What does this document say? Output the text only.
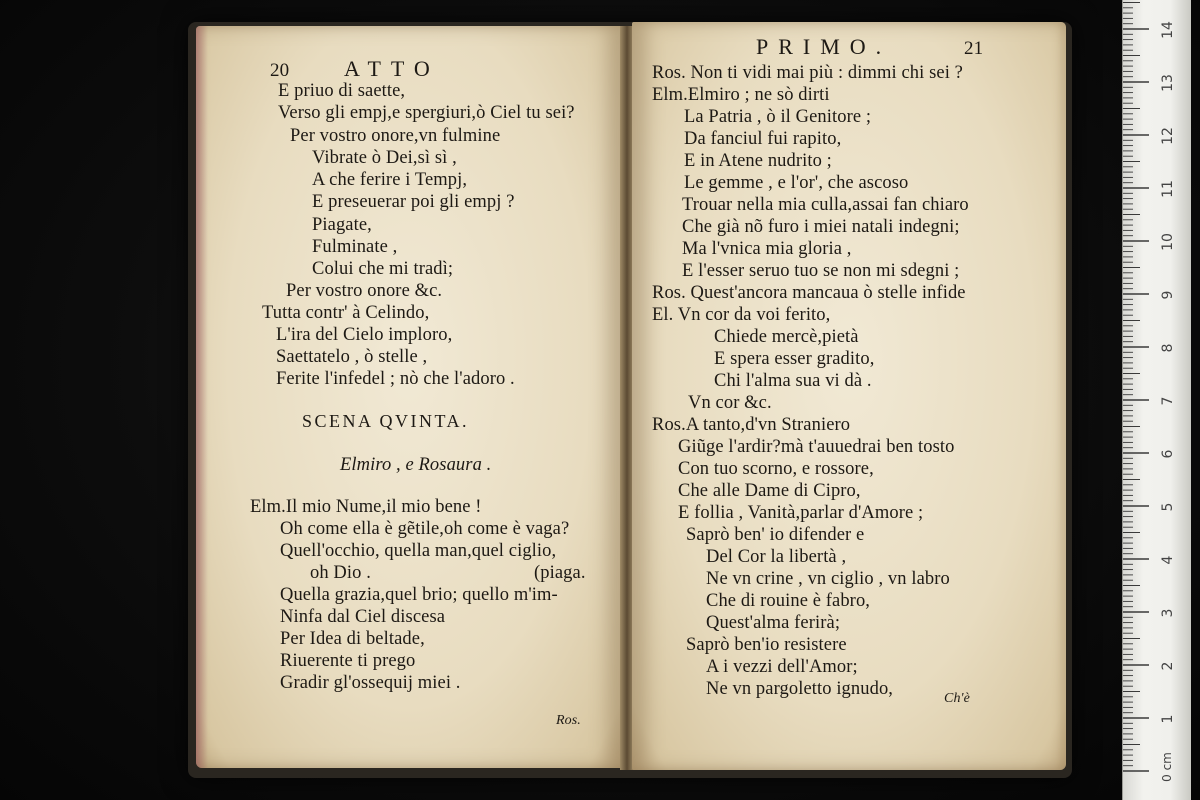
20 ATTO
E priuo di saette,
Verso gli empj,e spergiuri,ò Ciel tu sei?
Per vostro onore,vn fulmine
Vibrate ò Dei,sì sì ,
A che ferire i Tempj,
E preseuerar poi gli empj ?
Piagate,
Fulminate ,
Colui che mi tradì;
Per vostro onore &c.
Tutta contr' à Celindo,
L'ira del Cielo imploro,
Saettatelo , ò stelle ,
Ferite l'infedel ; nò che l'adoro .
SCENA QVINTA.
Elmiro , e Rosaura .
Elm.Il mio Nume,il mio bene !
Oh come ella è gẽtile,oh come è vaga?
Quell'occhio, quella man,quel ciglio,
oh Dio .	(piaga.
Quella grazia,quel brio; quello m'im-
Ninfa dal Ciel discesa
Per Idea di beltade,
Riuerente ti prego
Gradir gl'ossequij miei .
Ros.
PRIMO.	21
Ros. Non ti vidi mai più : dimmi chi sei ?
Elm.Elmiro ; ne sò dirti
La Patria , ò il Genitore ;
Da fanciul fui rapito,
E in Atene nudrito ;
Le gemme , e l'or', che ascoso
Trouar nella mia culla,assai fan chiaro
Che già nõ furo i miei natali indegni;
Ma l'vnica mia gloria ,
E l'esser seruo tuo se non mi sdegni ;
Ros. Quest'ancora mancaua ò stelle infide
El. Vn cor da voi ferito,
Chiede mercè,pietà
E spera esser gradito,
Chi l'alma sua vi dà .
Vn cor &c.
Ros.A tanto,d'vn Straniero
Giũge l'ardir?mà t'auuedrai ben tosto
Con tuo scorno, e rossore,
Che alle Dame di Cipro,
E follia , Vanità,parlar d'Amore ;
Saprò ben' io difender e
Del Cor la libertà ,
Ne vn crine , vn ciglio , vn labro
Che di rouine è fabro,
Quest'alma ferirà;
Saprò ben'io resistere
A i vezzi dell'Amor;
Ne vn pargoletto ignudo,	Ch'è
14
13
12
11
10
9
8
7
6
5
4
3
2
1
0 cm
